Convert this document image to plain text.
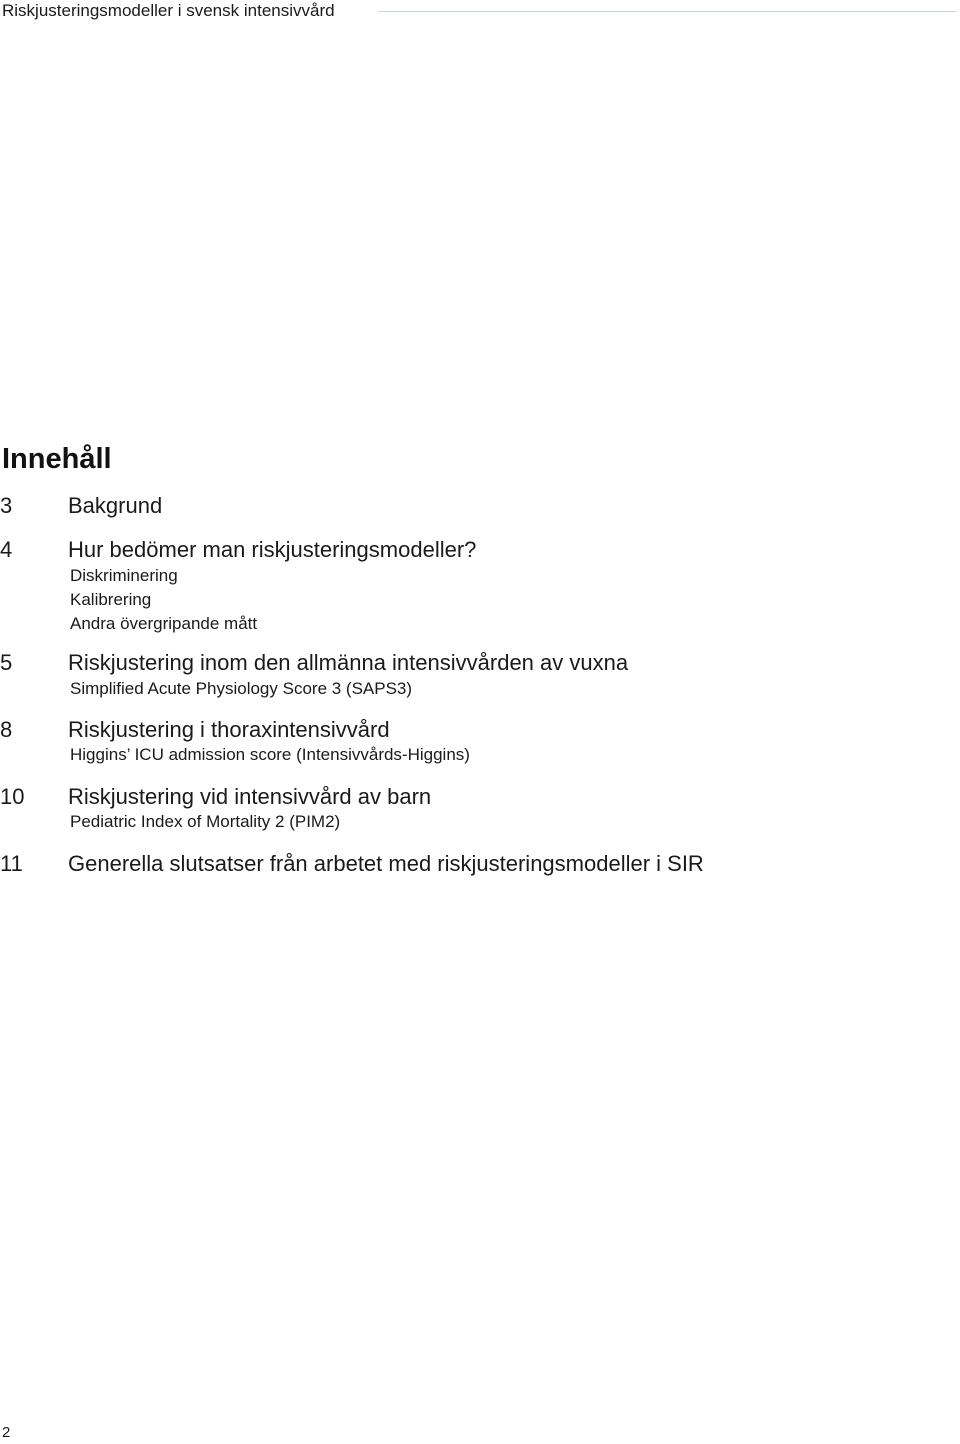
Riskjusteringsmodeller i svensk intensivvård
Innehåll
3	Bakgrund
4	Hur bedömer man riskjusteringsmodeller?
Diskriminering
Kalibrering
Andra övergripande mått
5	Riskjustering inom den allmänna intensivvården av vuxna
Simplified Acute Physiology Score 3 (SAPS3)
8	Riskjustering i thoraxintensivvård
Higgins’ ICU admission score (Intensivvårds-Higgins)
10 Riskjustering vid intensivvård av barn
Pediatric Index of Mortality 2 (PIM2)
11 Generella slutsatser från arbetet med riskjusteringsmodeller i SIR
2
